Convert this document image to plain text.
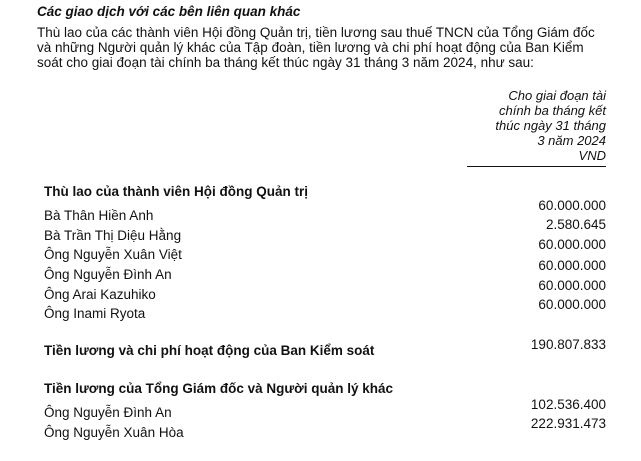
Các giao dịch với các bên liên quan khác
Thù lao của các thành viên Hội đồng Quản trị, tiền lương sau thuế TNCN của Tổng Giám đốc
và những Người quản lý khác của Tập đoàn, tiền lương và chi phí hoạt động của Ban Kiểm
soát cho giai đoạn tài chính ba tháng kết thúc ngày 31 tháng 3 năm 2024, như sau:
Cho giai đoạn tài
chính ba tháng kết
thúc ngày 31 tháng
3 năm 2024
VND
Thù lao của thành viên Hội đồng Quản trị
Bà Thân Hiền Anh
60.000.000
Bà Trần Thị Diệu Hằng
2.580.645
Ông Nguyễn Xuân Việt
60.000.000
Ông Nguyễn Đình An
60.000.000
Ông Arai Kazuhiko
60.000.000
Ông Inami Ryota
60.000.000
Tiền lương và chi phí hoạt động của Ban Kiểm soát	190.807.833
Tiền lương của Tổng Giám đốc và Người quản lý khác
Ông Nguyễn Đình An
102.536.400
Ông Nguyễn Xuân Hòa
222.931.473
